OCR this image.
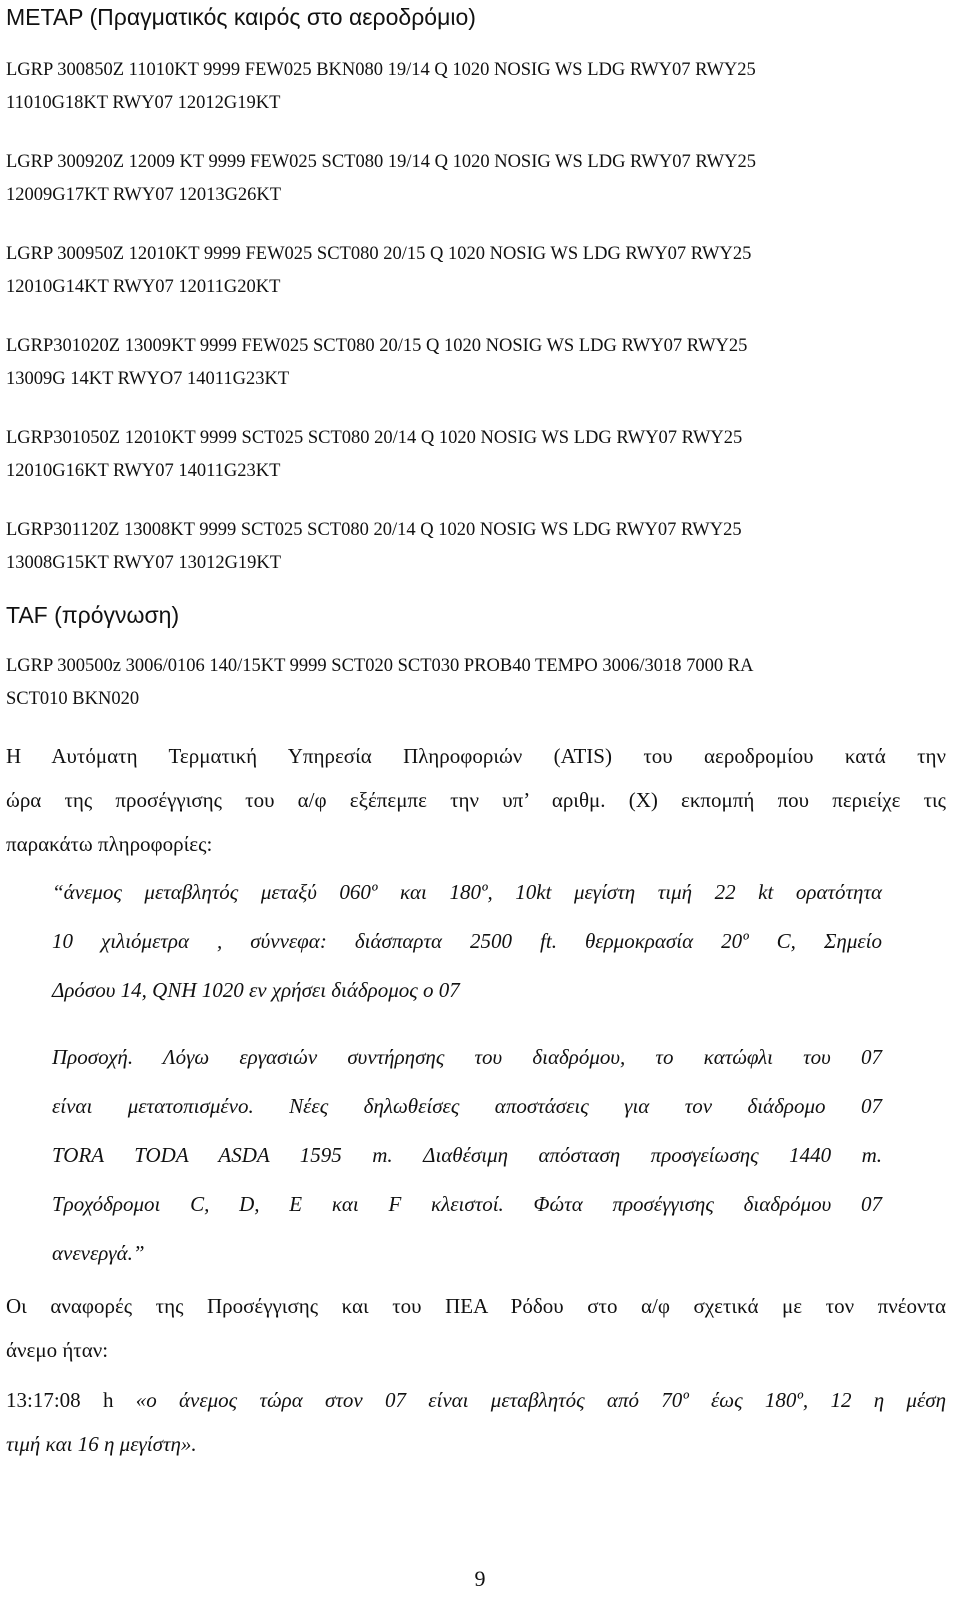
METAP (Πραγματικός καιρός στο αεροδρόμιο)

LGRP 300850Z 11010KT 9999 FEW025 BKN080 19/14 Q 1020 NOSIG WS LDG RWY07 RWY25
11010G18KT RWY07 12012G19KT

LGRP 300920Z 12009 KT 9999 FEW025 SCT080 19/14 Q 1020 NOSIG WS LDG RWY07 RWY25
12009G17KT RWY07 12013G26KT

LGRP 300950Z 12010KT 9999 FEW025 SCT080 20/15 Q 1020 NOSIG WS LDG RWY07 RWY25
12010G14KT RWY07 12011G20KT

LGRP301020Z 13009KT 9999 FEW025 SCT080 20/15 Q 1020 NOSIG WS LDG RWY07 RWY25
13009G 14KT RWYO7 14011G23KT

LGRP301050Z 12010KT 9999 SCT025 SCT080 20/14 Q 1020 NOSIG WS LDG RWY07 RWY25
12010G16KT RWY07 14011G23KT

LGRP301120Z 13008KT 9999 SCT025 SCT080 20/14 Q 1020 NOSIG WS LDG RWY07 RWY25
13008G15KT RWY07 13012G19KT

TAF (πρόγνωση)

LGRP 300500z 3006/0106 140/15KT 9999 SCT020 SCT030 PROB40 TEMPO 3006/3018 7000 RA
SCT010 BKN020

Η Αυτόματη Τερματική Υπηρεσία Πληροφοριών (ATIS) του αεροδρομίου κατά την
ώρα της προσέγγισης του α/φ εξέπεμπε την υπ’ αριθμ. (Χ) εκπομπή που περιείχε τις
παρακάτω πληροφορίες:

“άνεμος μεταβλητός μεταξύ 060º και 180º, 10kt μεγίστη τιμή 22 kt ορατότητα
10 χιλιόμετρα , σύννεφα: διάσπαρτα 2500 ft. θερμοκρασία 20º C, Σημείο
Δρόσου 14, QNH 1020 εν χρήσει διάδρομος ο 07
Προσοχή. Λόγω εργασιών συντήρησης του διαδρόμου, το κατώφλι του 07
είναι μετατοπισμένο. Νέες δηλωθείσες αποστάσεις για τον διάδρομο 07
TORA TODA ASDA 1595 m. Διαθέσιμη απόσταση προσγείωσης 1440 m.
Τροχόδρομοι C, D, E και F κλειστοί. Φώτα προσέγγισης διαδρόμου 07
ανενεργά.”

Οι αναφορές της Προσέγγισης και του ΠΕΑ Ρόδου στο α/φ σχετικά με τον πνέοντα
άνεμο ήταν:

13:17:08 h «ο άνεμος τώρα στον 07 είναι μεταβλητός από 70º έως 180º, 12 η μέση
τιμή και 16 η μεγίστη».

9
